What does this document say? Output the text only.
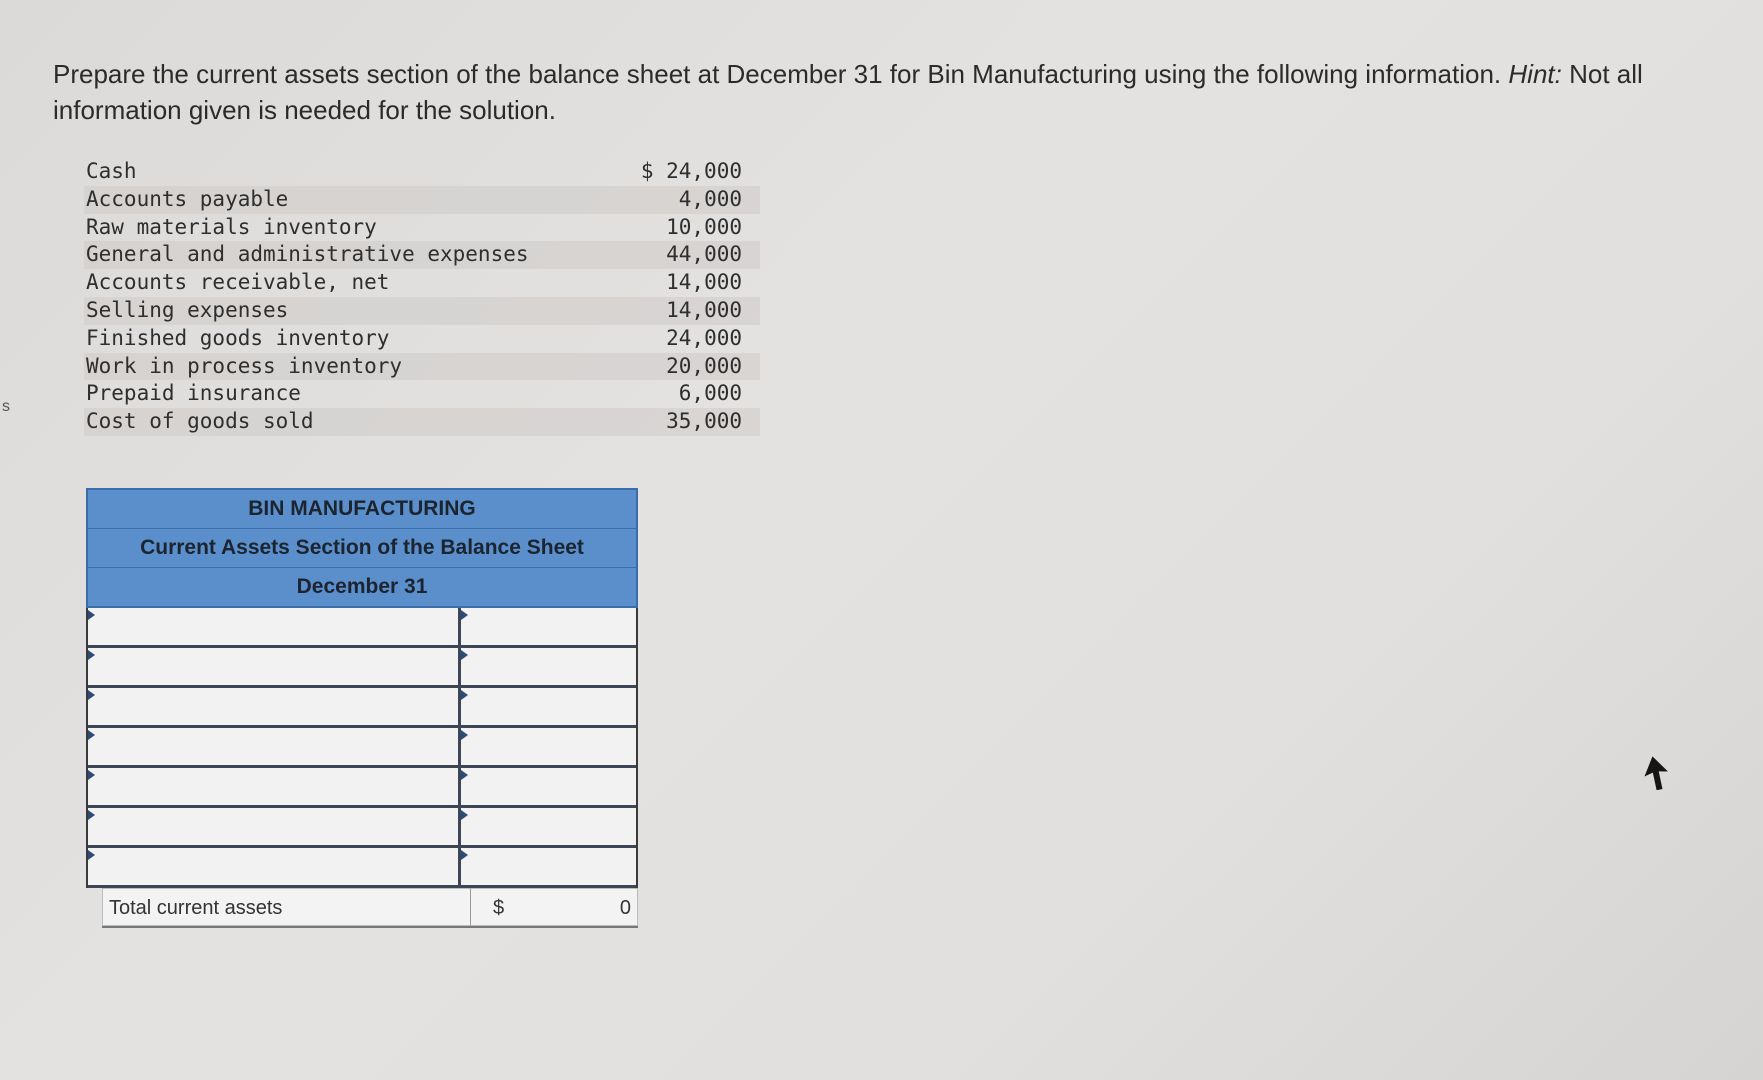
s
Prepare the current assets section of the balance sheet at December 31 for Bin Manufacturing using the following information. Hint: Not all information given is needed for the solution.
Cash	$ 24,000
Accounts payable	4,000
Raw materials inventory	10,000
General and administrative expenses	44,000
Accounts receivable, net	14,000
Selling expenses	14,000
Finished goods inventory	24,000
Work in process inventory	20,000
Prepaid insurance	6,000
Cost of goods sold	35,000
BIN MANUFACTURING
Current Assets Section of the Balance Sheet
December 31
Total current assets	$	0
